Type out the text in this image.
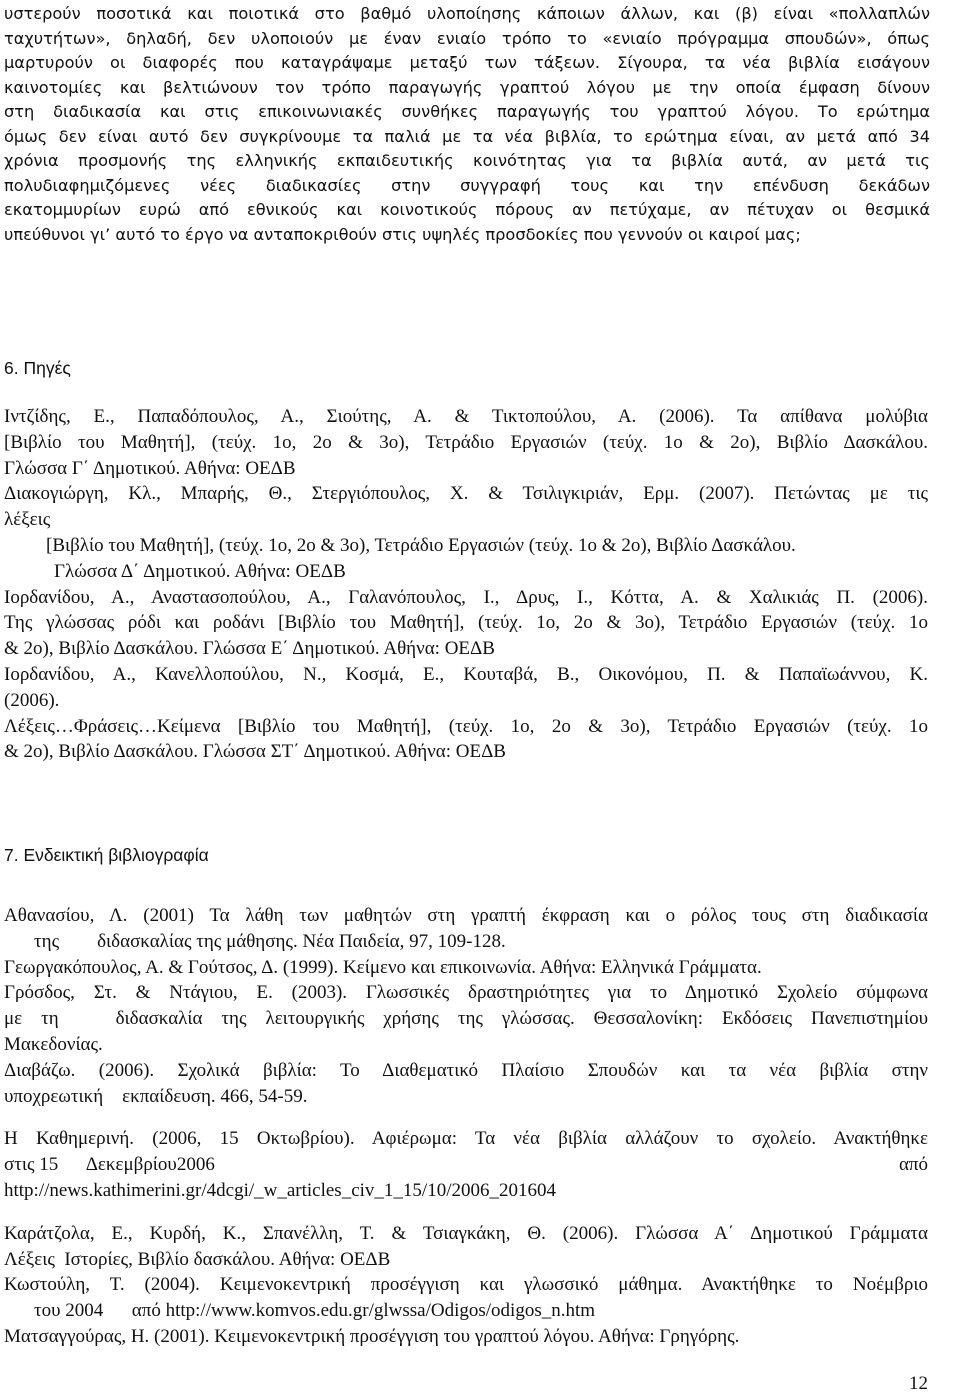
υστερούν ποσοτικά και ποιοτικά στο βαθμό υλοποίησης κάποιων άλλων, και (β) είναι «πολλαπλών
ταχυτήτων», δηλαδή, δεν υλοποιούν με έναν ενιαίο τρόπο το «ενιαίο πρόγραμμα σπουδών», όπως
μαρτυρούν οι διαφορές που καταγράψαμε μεταξύ των τάξεων. Σίγουρα, τα νέα βιβλία εισάγουν
καινοτομίες και βελτιώνουν τον τρόπο παραγωγής γραπτού λόγου με την οποία έμφαση δίνουν
στη διαδικασία και στις επικοινωνιακές συνθήκες παραγωγής του γραπτού λόγου. Το ερώτημα
όμως δεν είναι αυτό δεν συγκρίνουμε τα παλιά με τα νέα βιβλία, το ερώτημα είναι, αν μετά από 34
χρόνια προσμονής της ελληνικής εκπαιδευτικής κοινότητας για τα βιβλία αυτά, αν μετά τις
πολυδιαφημιζόμενες νέες διαδικασίες στην συγγραφή τους και την επένδυση δεκάδων
εκατομμυρίων ευρώ από εθνικούς και κοινοτικούς πόρους αν πετύχαμε, αν πέτυχαν οι θεσμικά
υπεύθυνοι γι’ αυτό το έργο να ανταποκριθούν στις υψηλές προσδοκίες που γεννούν οι καιροί μας;
6. Πηγές
Ιντζίδης, Ε., Παπαδόπουλος, Α., Σιούτης, Α. & Τικτοπούλου, Α. (2006). Τα απίθανα μολύβια
[Βιβλίο του Μαθητή], (τεύχ. 1ο, 2ο & 3ο), Τετράδιο Εργασιών (τεύχ. 1ο & 2ο), Βιβλίο Δασκάλου.
Γλώσσα Γ΄ Δημοτικού. Αθήνα: ΟΕΔΒ
Διακογιώργη, Κλ., Μπαρής, Θ., Στεργιόπουλος, Χ. & Τσιλιγκιριάν, Ερμ. (2007). Πετώντας με τις
λέξεις
[Βιβλίο του Μαθητή], (τεύχ. 1ο, 2ο & 3ο), Τετράδιο Εργασιών (τεύχ. 1ο & 2ο), Βιβλίο Δασκάλου.
Γλώσσα Δ΄ Δημοτικού. Αθήνα: ΟΕΔΒ
Ιορδανίδου, Α., Αναστασοπούλου, Α., Γαλανόπουλος, Ι., Δρυς, Ι., Κόττα, Α. & Χαλικιάς Π. (2006).
Της γλώσσας ρόδι και ροδάνι [Βιβλίο του Μαθητή], (τεύχ. 1ο, 2ο & 3ο), Τετράδιο Εργασιών (τεύχ. 1ο
& 2ο), Βιβλίο Δασκάλου. Γλώσσα Ε΄ Δημοτικού. Αθήνα: ΟΕΔΒ
Ιορδανίδου, Α., Κανελλοπούλου, Ν., Κοσμά, Ε., Κουταβά, Β., Οικονόμου, Π. & Παπαϊωάννου, Κ.
(2006).
Λέξεις…Φράσεις…Κείμενα [Βιβλίο του Μαθητή], (τεύχ. 1ο, 2ο & 3ο), Τετράδιο Εργασιών (τεύχ. 1ο
& 2ο), Βιβλίο Δασκάλου. Γλώσσα ΣΤ΄ Δημοτικού. Αθήνα: ΟΕΔΒ
7. Ενδεικτική βιβλιογραφία
Αθανασίου, Λ. (2001) Τα λάθη των μαθητών στη γραπτή έκφραση και ο ρόλος τους στη διαδικασία
της        διδασκαλίας της μάθησης. Νέα Παιδεία, 97, 109-128.
Γεωργακόπουλος, Α. & Γούτσος, Δ. (1999). Κείμενο και επικοινωνία. Αθήνα: Ελληνικά Γράμματα.
Γρόσδος, Στ. & Ντάγιου, Ε. (2003). Γλωσσικές δραστηριότητες για το Δημοτικό Σχολείο σύμφωνα
με τη   διδασκαλία της λειτουργικής χρήσης της γλώσσας. Θεσσαλονίκη: Εκδόσεις Πανεπιστημίου
Μακεδονίας.
Διαβάζω. (2006). Σχολικά βιβλία: Το Διαθεματικό Πλαίσιο Σπουδών και τα νέα βιβλία στην
υποχρεωτική    εκπαίδευση. 466, 54-59.
Η Καθημερινή. (2006, 15 Οκτωβρίου). Αφιέρωμα: Τα νέα βιβλία αλλάζουν το σχολείο. Ανακτήθηκε
στις 15      Δεκεμβρίου2006	από
http://news.kathimerini.gr/4dcgi/_w_articles_civ_1_15/10/2006_201604
Καράτζολα, Ε., Κυρδή, Κ., Σπανέλλη, Τ. & Τσιαγκάκη, Θ. (2006). Γλώσσα Α΄ Δημοτικού Γράμματα
Λέξεις  Ιστορίες, Βιβλίο δασκάλου. Αθήνα: ΟΕΔΒ
Κωστούλη, Τ. (2004). Κειμενοκεντρική προσέγγιση και γλωσσικό μάθημα. Ανακτήθηκε το Νοέμβριο
του 2004      από http://www.komvos.edu.gr/glwssa/Odigos/odigos_n.htm
Ματσαγγούρας, Η. (2001). Κειμενοκεντρική προσέγγιση του γραπτού λόγου. Αθήνα: Γρηγόρης.
12
